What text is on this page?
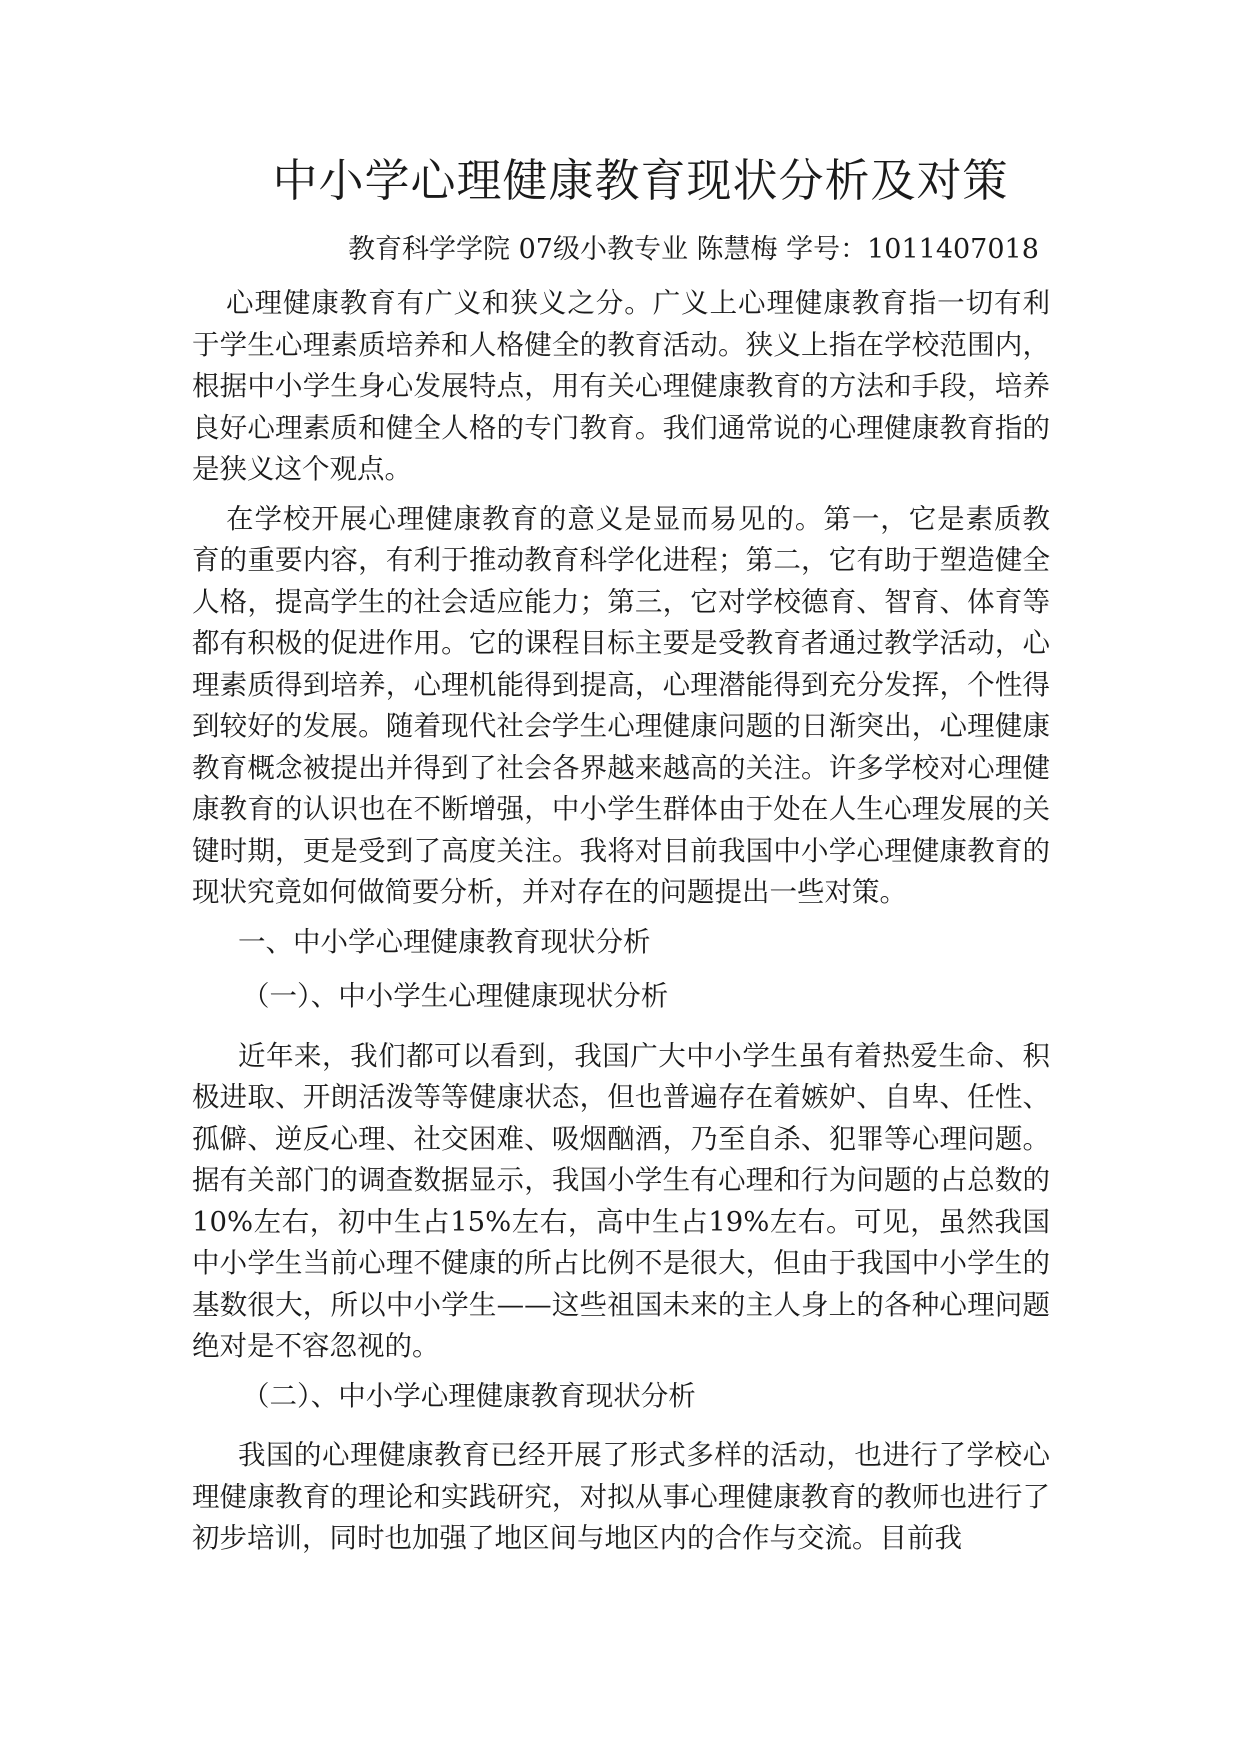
中小学心理健康教育现状分析及对策

教育科学学院 07级小教专业 陈慧梅 学号：1011407018

心理健康教育有广义和狭义之分。广义上心理健康教育指一切有利于学生心理素质培养和人格健全的教育活动。狭义上指在学校范围内，根据中小学生身心发展特点，用有关心理健康教育的方法和手段，培养良好心理素质和健全人格的专门教育。我们通常说的心理健康教育指的是狭义这个观点。

在学校开展心理健康教育的意义是显而易见的。第一，它是素质教育的重要内容，有利于推动教育科学化进程；第二，它有助于塑造健全人格，提高学生的社会适应能力；第三，它对学校德育、智育、体育等都有积极的促进作用。它的课程目标主要是受教育者通过教学活动，心理素质得到培养，心理机能得到提高，心理潜能得到充分发挥，个性得到较好的发展。随着现代社会学生心理健康问题的日渐突出，心理健康教育概念被提出并得到了社会各界越来越高的关注。许多学校对心理健康教育的认识也在不断增强，中小学生群体由于处在人生心理发展的关键时期，更是受到了高度关注。我将对目前我国中小学心理健康教育的现状究竟如何做简要分析，并对存在的问题提出一些对策。

一、中小学心理健康教育现状分析

（一）、中小学生心理健康现状分析

近年来，我们都可以看到，我国广大中小学生虽有着热爱生命、积极进取、开朗活泼等等健康状态，但也普遍存在着嫉妒、自卑、任性、孤僻、逆反心理、社交困难、吸烟酗酒，乃至自杀、犯罪等心理问题。据有关部门的调查数据显示，我国小学生有心理和行为问题的占总数的10%左右，初中生占15%左右，高中生占19%左右。可见，虽然我国中小学生当前心理不健康的所占比例不是很大，但由于我国中小学生的基数很大，所以中小学生——这些祖国未来的主人身上的各种心理问题绝对是不容忽视的。

（二）、中小学心理健康教育现状分析

我国的心理健康教育已经开展了形式多样的活动，也进行了学校心理健康教育的理论和实践研究，对拟从事心理健康教育的教师也进行了初步培训，同时也加强了地区间与地区内的合作与交流。目前我
